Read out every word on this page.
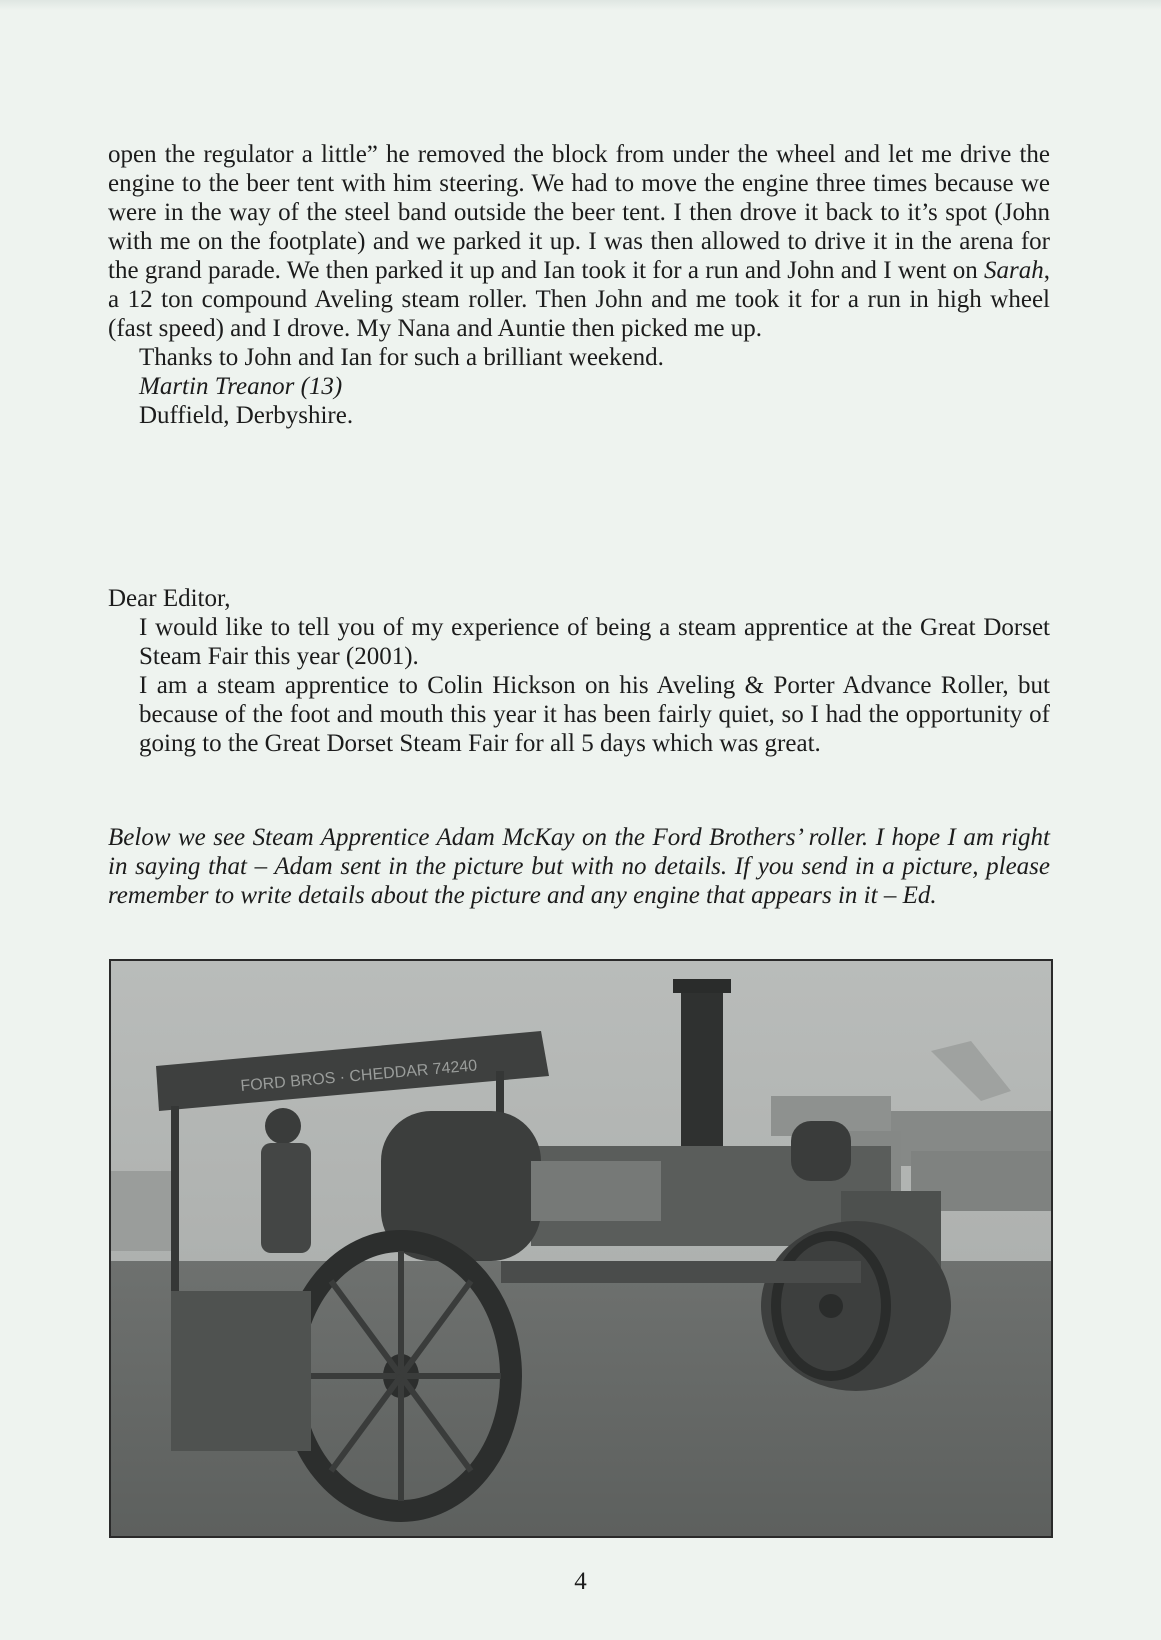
open the regulator a little” he removed the block from under the wheel and let me drive the engine to the beer tent with him steering. We had to move the engine three times because we were in the way of the steel band outside the beer tent. I then drove it back to it’s spot (John with me on the footplate) and we parked it up. I was then allowed to drive it in the arena for the grand parade. We then parked it up and Ian took it for a run and John and I went on Sarah, a 12 ton compound Aveling steam roller. Then John and me took it for a run in high wheel (fast speed) and I drove. My Nana and Auntie then picked me up.

Thanks to John and Ian for such a brilliant weekend.

Martin Treanor (13)

Duffield, Derbyshire.

Dear Editor,

I would like to tell you of my experience of being a steam apprentice at the Great Dorset Steam Fair this year (2001).

I am a steam apprentice to Colin Hickson on his Aveling & Porter Advance Roller, but because of the foot and mouth this year it has been fairly quiet, so I had the opportunity of going to the Great Dorset Steam Fair for all 5 days which was great.

Below we see Steam Apprentice Adam McKay on the Ford Brothers’ roller. I hope I am right in saying that – Adam sent in the picture but with no details. If you send in a picture, please remember to write details about the picture and any engine that appears in it – Ed.

FORD BROS · CHEDDAR 74240
4
